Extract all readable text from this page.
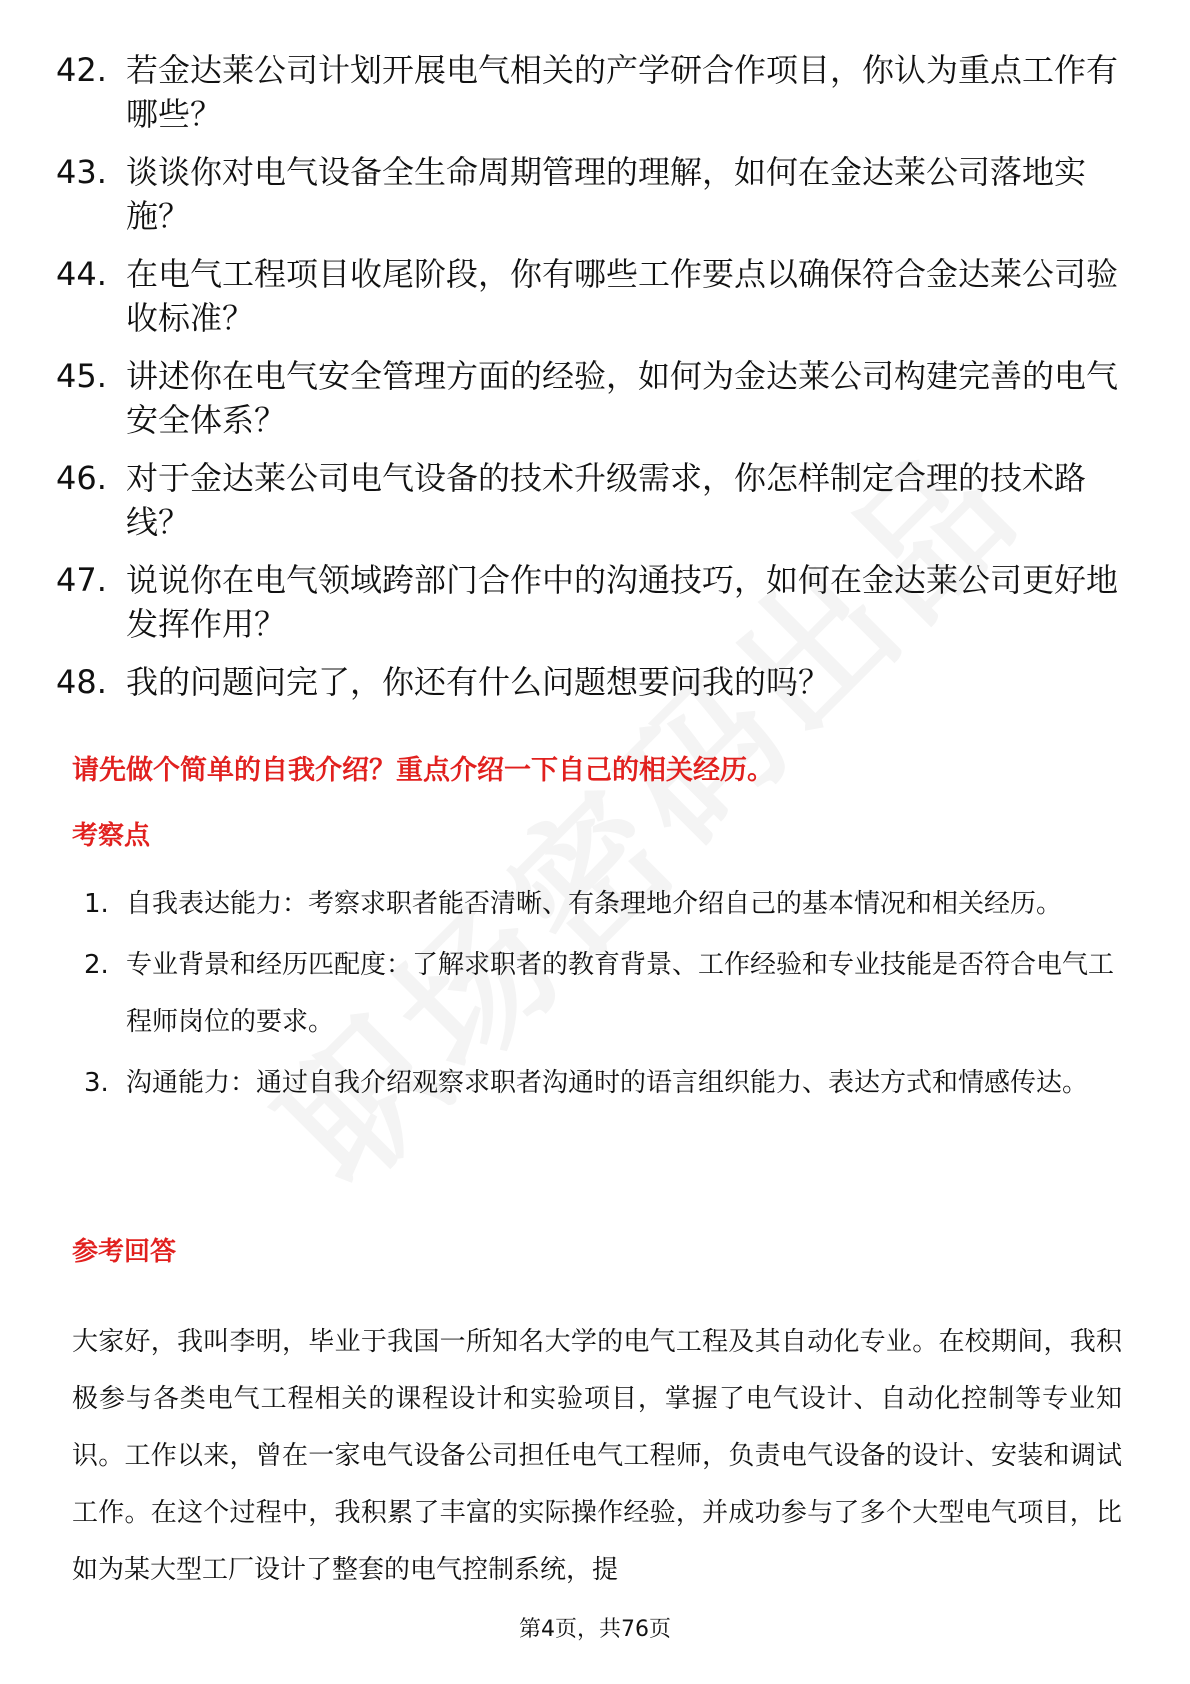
42. 若金达莱公司计划开展电气相关的产学研合作项目，你认为重点工作有哪些？
43. 谈谈你对电气设备全生命周期管理的理解，如何在金达莱公司落地实施？
44. 在电气工程项目收尾阶段，你有哪些工作要点以确保符合金达莱公司验收标准？
45. 讲述你在电气安全管理方面的经验，如何为金达莱公司构建完善的电气安全体系？
46. 对于金达莱公司电气设备的技术升级需求，你怎样制定合理的技术路线？
47. 说说你在电气领域跨部门合作中的沟通技巧，如何在金达莱公司更好地发挥作用？
48. 我的问题问完了，你还有什么问题想要问我的吗？
请先做个简单的自我介绍？重点介绍一下自己的相关经历。
考察点
1. 自我表达能力：考察求职者能否清晰、有条理地介绍自己的基本情况和相关经历。
2. 专业背景和经历匹配度：了解求职者的教育背景、工作经验和专业技能是否符合电气工程师岗位的要求。
3. 沟通能力：通过自我介绍观察求职者沟通时的语言组织能力、表达方式和情感传达。
参考回答
大家好，我叫李明，毕业于我国一所知名大学的电气工程及其自动化专业。在校期间，我积极参与各类电气工程相关的课程设计和实验项目，掌握了电气设计、自动化控制等专业知识。工作以来，曾在一家电气设备公司担任电气工程师，负责电气设备的设计、安装和调试工作。在这个过程中，我积累了丰富的实际操作经验，并成功参与了多个大型电气项目，比如为某大型工厂设计了整套的电气控制系统，提
第4页，共76页
